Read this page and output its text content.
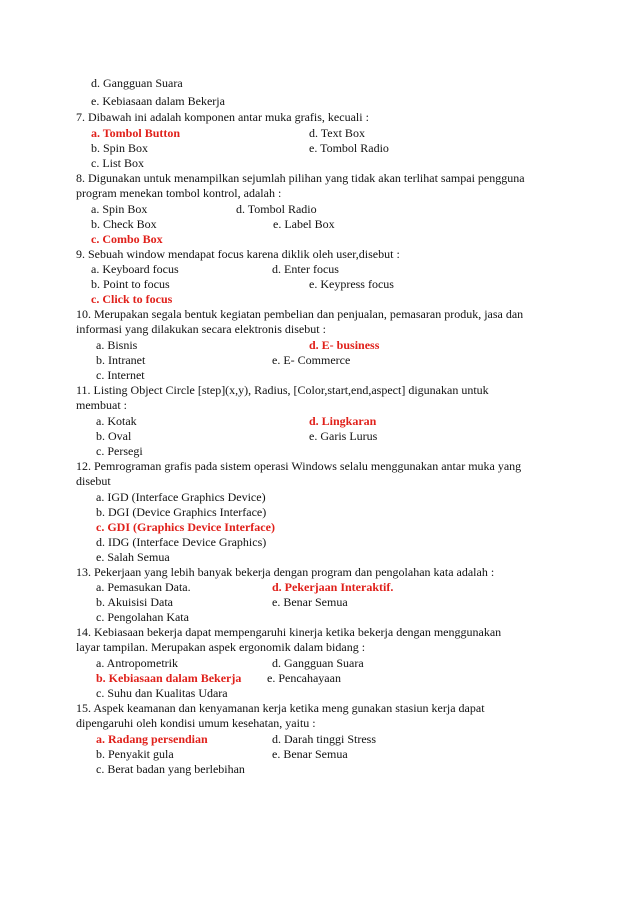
d. Gangguan Suara
e. Kebiasaan dalam Bekerja
7. Dibawah ini adalah komponen antar muka grafis, kecuali :
a. Tombol Button	d. Text Box
b. Spin Box	e. Tombol Radio
c. List Box
8. Digunakan untuk menampilkan sejumlah pilihan yang tidak akan terlihat sampai pengguna
program menekan tombol kontrol, adalah :
a. Spin Box	d. Tombol Radio
b. Check Box	e. Label Box
c. Combo Box
9. Sebuah window mendapat focus karena diklik oleh user,disebut :
a. Keyboard focus	d. Enter focus
b. Point to focus	e. Keypress focus
c. Click to focus
10. Merupakan segala bentuk kegiatan pembelian dan penjualan, pemasaran produk, jasa dan
informasi yang dilakukan secara elektronis disebut :
a. Bisnis	d. E- business
b. Intranet	e. E- Commerce
c. Internet
11. Listing Object Circle [step](x,y), Radius, [Color,start,end,aspect] digunakan untuk
membuat :
a. Kotak	d. Lingkaran
b. Oval	e. Garis Lurus
c. Persegi
12. Pemrograman grafis pada sistem operasi Windows selalu menggunakan antar muka yang
disebut
a. IGD (Interface Graphics Device)
b. DGI (Device Graphics Interface)
c. GDI (Graphics Device Interface)
d. IDG (Interface Device Graphics)
e. Salah Semua
13. Pekerjaan yang lebih banyak bekerja dengan program dan pengolahan kata adalah :
a. Pemasukan Data.	d. Pekerjaan Interaktif.
b. Akuisisi Data	e. Benar Semua
c. Pengolahan Kata
14. Kebiasaan bekerja dapat mempengaruhi kinerja ketika bekerja dengan menggunakan
layar tampilan. Merupakan aspek ergonomik dalam bidang :
a. Antropometrik	d. Gangguan Suara
b. Kebiasaan dalam Bekerja e. Pencahayaan
c. Suhu dan Kualitas Udara
15. Aspek keamanan dan kenyamanan kerja ketika meng gunakan stasiun kerja dapat
dipengaruhi oleh kondisi umum kesehatan, yaitu :
a. Radang persendian	d. Darah tinggi Stress
b. Penyakit gula	e. Benar Semua
c. Berat badan yang berlebihan
